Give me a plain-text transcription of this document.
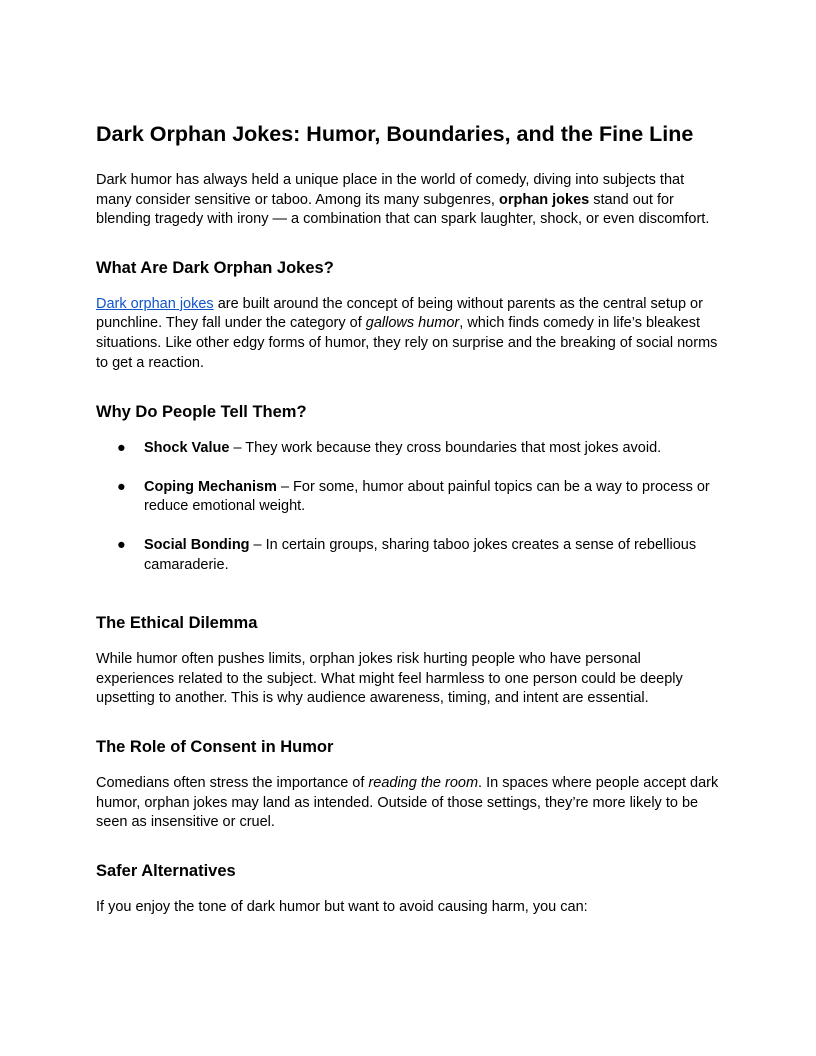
Dark Orphan Jokes: Humor, Boundaries, and the Fine Line

Dark humor has always held a unique place in the world of comedy, diving into subjects that many consider sensitive or taboo. Among its many subgenres, orphan jokes stand out for blending tragedy with irony — a combination that can spark laughter, shock, or even discomfort.

What Are Dark Orphan Jokes?

Dark orphan jokes are built around the concept of being without parents as the central setup or punchline. They fall under the category of gallows humor, which finds comedy in life’s bleakest situations. Like other edgy forms of humor, they rely on surprise and the breaking of social norms to get a reaction.

Why Do People Tell Them?
● Shock Value – They work because they cross boundaries that most jokes avoid.
● Coping Mechanism – For some, humor about painful topics can be a way to process or reduce emotional weight.
● Social Bonding – In certain groups, sharing taboo jokes creates a sense of rebellious camaraderie.
The Ethical Dilemma

While humor often pushes limits, orphan jokes risk hurting people who have personal experiences related to the subject. What might feel harmless to one person could be deeply upsetting to another. This is why audience awareness, timing, and intent are essential.

The Role of Consent in Humor

Comedians often stress the importance of reading the room. In spaces where people accept dark humor, orphan jokes may land as intended. Outside of those settings, they’re more likely to be seen as insensitive or cruel.

Safer Alternatives

If you enjoy the tone of dark humor but want to avoid causing harm, you can:
